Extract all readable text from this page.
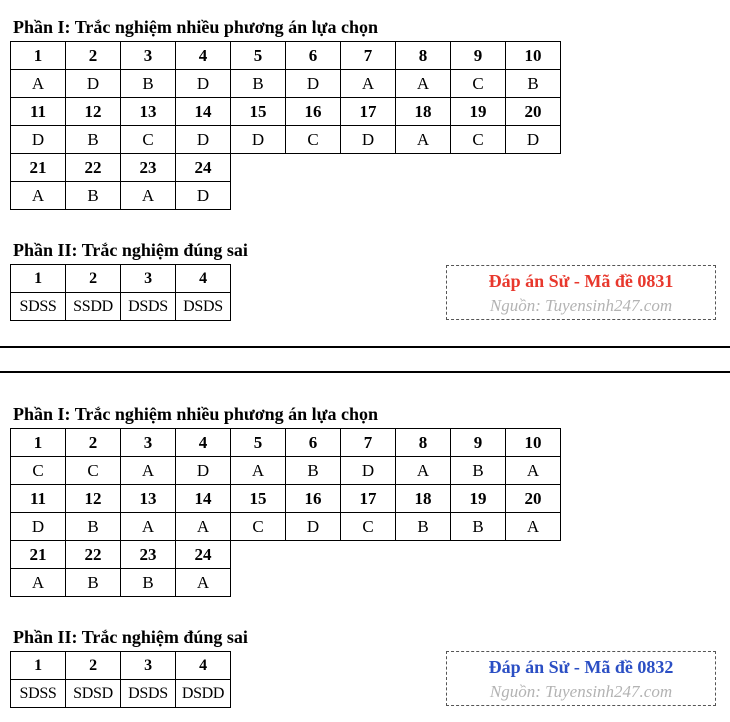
Phần I: Trắc nghiệm nhiều phương án lựa chọn
1	2	3	4	5	6	7	8	9	10
A	D	B	D	B	D	A	A	C	B
11	12	13	14	15	16	17	18	19	20
D	B	C	D	D	C	D	A	C	D
21	22	23	24						
A	B	A	D						
Phần II: Trắc nghiệm đúng sai
1	2	3	4
SDSS	SSDD	DSDS	DSDS
Đáp án Sử - Mã đề 0831
Nguồn: Tuyensinh247.com
Phần I: Trắc nghiệm nhiều phương án lựa chọn
1	2	3	4	5	6	7	8	9	10
C	C	A	D	A	B	D	A	B	A
11	12	13	14	15	16	17	18	19	20
D	B	A	A	C	D	C	B	B	A
21	22	23	24						
A	B	B	A						
Phần II: Trắc nghiệm đúng sai
1	2	3	4
SDSS	SDSD	DSDS	DSDD
Đáp án Sử - Mã đề 0832
Nguồn: Tuyensinh247.com
